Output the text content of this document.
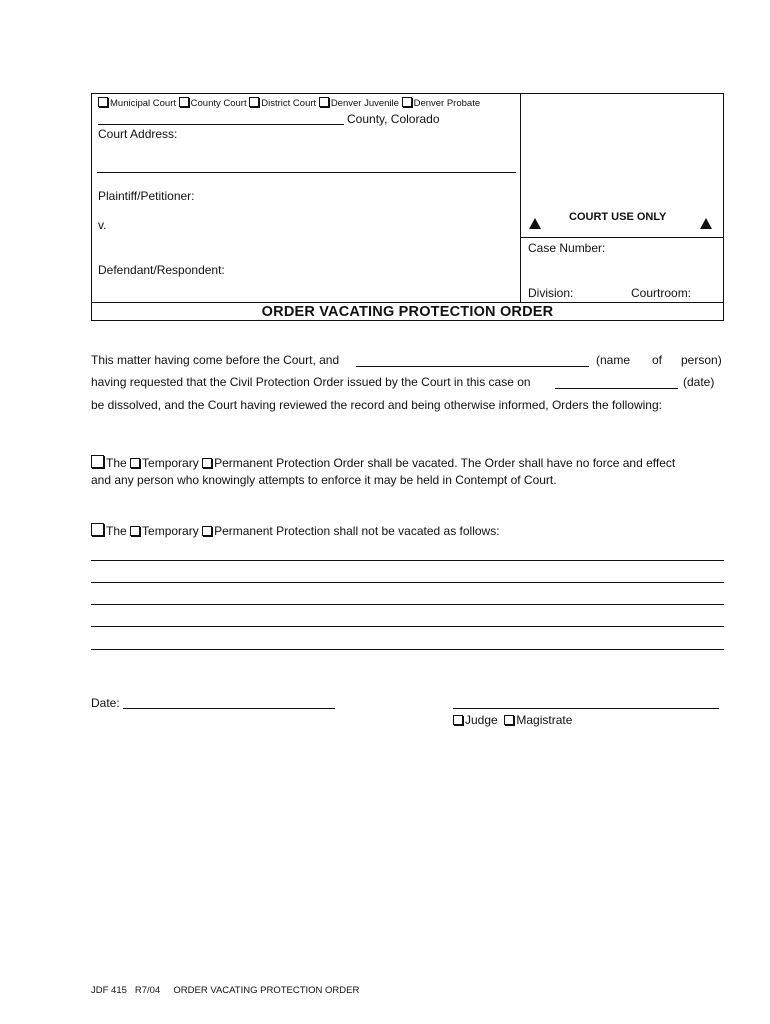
Municipal Court County Court District Court Denver Juvenile Denver Probate
County, Colorado
Court Address:
Plaintiff/Petitioner:
v.
Defendant/Respondent:
COURT USE ONLY
Case Number:
Division:	Courtroom:
ORDER VACATING PROTECTION ORDER
This matter having come before the Court, and	(name of person)
having requested that the Civil Protection Order issued by the Court in this case on	(date)
be dissolved, and the Court having reviewed the record and being otherwise informed, Orders the following:
The Temporary Permanent Protection Order shall be vacated. The Order shall have no force and effect
and any person who knowingly attempts to enforce it may be held in Contempt of Court.
The Temporary Permanent Protection shall not be vacated as follows:
Date:
Judge Magistrate
JDF 415 R7/04 ORDER VACATING PROTECTION ORDER
